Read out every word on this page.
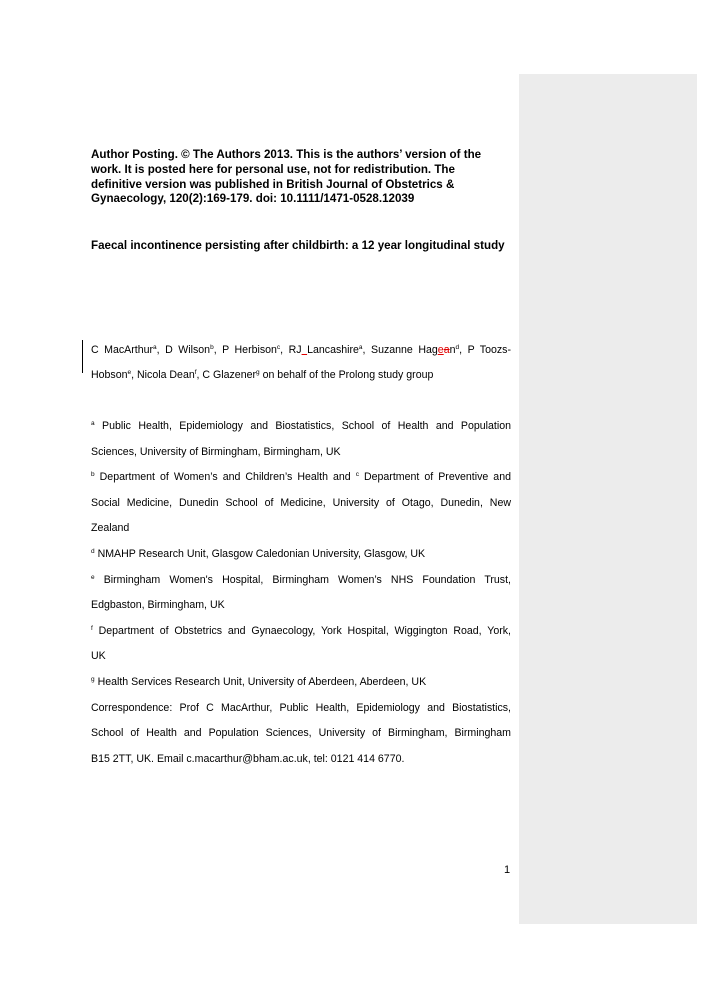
Author Posting. © The Authors 2013. This is the authors’ version of the
work. It is posted here for personal use, not for redistribution. The
definitive version was published in British Journal of Obstetrics &
Gynaecology, 120(2):169-179. doi: 10.1111/1471-0528.12039
Faecal incontinence persisting after childbirth: a 12 year longitudinal study
C MacArthur$^a$, D Wilson$^b$, P Herbison$^c$, RJ Lancashire$^a$, Suzanne Hagean$^d$, P Toozs-
Hobson$^e$, Nicola Dean$^f$, C Glazener$^g$ on behalf of the Prolong study group
$^a$ Public Health, Epidemiology and Biostatistics, School of Health and Population
Sciences, University of Birmingham, Birmingham, UK
$^b$ Department of Women’s and Children’s Health and $^c$ Department of Preventive and
Social Medicine, Dunedin School of Medicine, University of Otago, Dunedin, New
Zealand
$^d$ NMAHP Research Unit, Glasgow Caledonian University, Glasgow, UK
$^e$ Birmingham Women's Hospital, Birmingham Women’s NHS Foundation Trust,
Edgbaston, Birmingham, UK
$^f$ Department of Obstetrics and Gynaecology, York Hospital, Wiggington Road, York,
UK
$^g$ Health Services Research Unit, University of Aberdeen, Aberdeen, UK
Correspondence: Prof C MacArthur, Public Health, Epidemiology and Biostatistics,
School of Health and Population Sciences, University of Birmingham, Birmingham
B15 2TT, UK. Email c.macarthur@bham.ac.uk, tel: 0121 414 6770.
1
